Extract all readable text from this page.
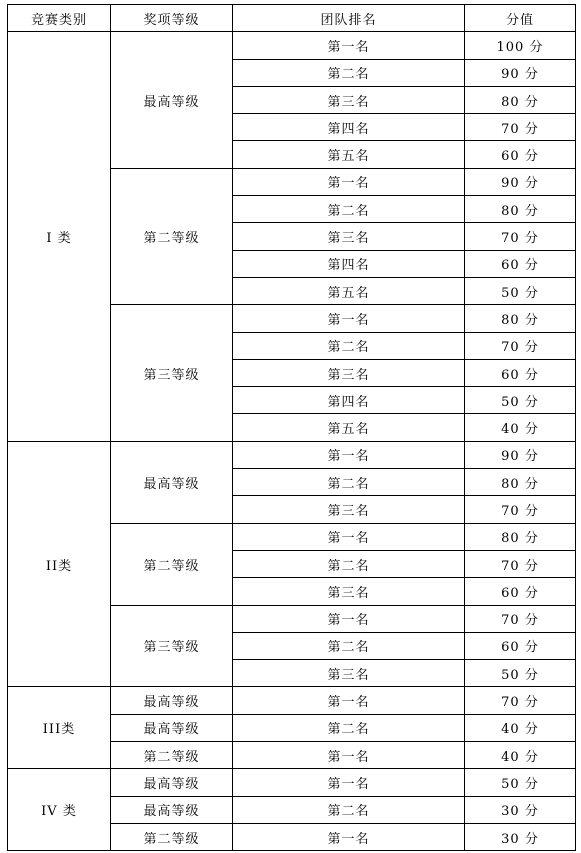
竞赛类别	奖项等级	团队排名	分值
I 类	最高等级	第一名	100 分
		第二名	90 分
		第三名	80 分
		第四名	70 分
		第五名	60 分
	第二等级	第一名	90 分
		第二名	80 分
		第三名	70 分
		第四名	60 分
		第五名	50 分
	第三等级	第一名	80 分
		第二名	70 分
		第三名	60 分
		第四名	50 分
		第五名	40 分
II类	最高等级	第一名	90 分
		第二名	80 分
		第三名	70 分
	第二等级	第一名	80 分
		第二名	70 分
		第三名	60 分
	第三等级	第一名	70 分
		第二名	60 分
		第三名	50 分
III类	最高等级	第一名	70 分
	最高等级	第二名	40 分
	第二等级	第一名	40 分
IV 类	最高等级	第一名	50 分
	最高等级	第二名	30 分
	第二等级	第一名	30 分
